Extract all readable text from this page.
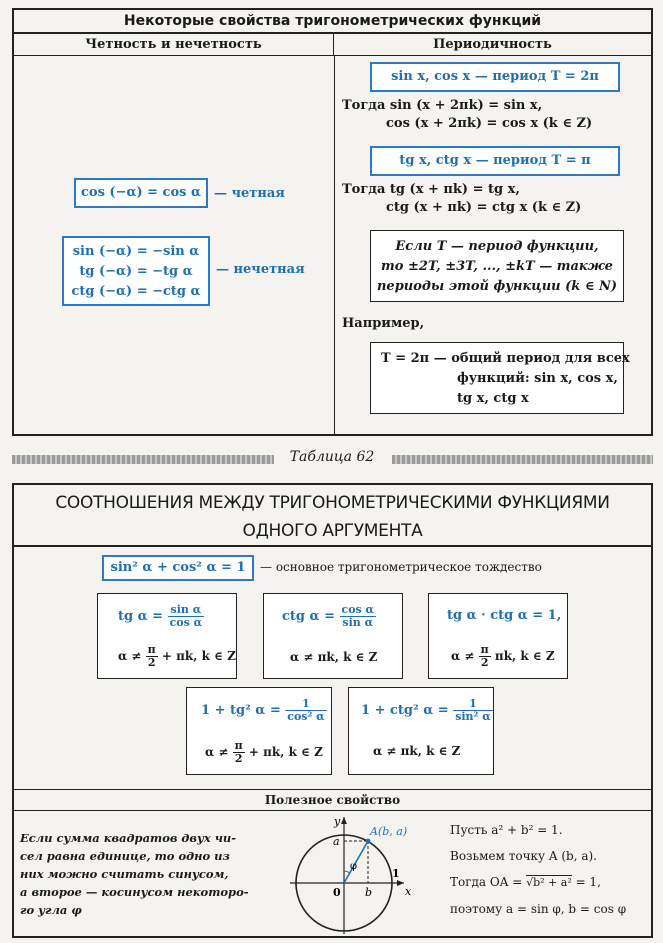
Некоторые свойства тригонометрических функций
Четность и нечетность	Периодичность
cos (−α) = cos α	— четная
sin (−α) = −sin α
tg (−α) = −tg α
ctg (−α) = −ctg α
— нечетная
sin x, cos x — период T = 2π
Тогда sin (x + 2πk) = sin x,
cos (x + 2πk) = cos x (k ∈ Z)
tg x, ctg x — период T = π
Тогда tg (x + πk) = tg x,
ctg (x + πk) = ctg x (k ∈ Z)
Если T — период функции,
то ±2T, ±3T, ..., ±kT — также
периоды этой функции (k ∈ N)
Например,
T = 2π — общий период для всех
функций: sin x, cos x,
tg x, ctg x
Таблица 62
СООТНОШЕНИЯ МЕЖДУ ТРИГОНОМЕТРИЧЕСКИМИ ФУНКЦИЯМИ
ОДНОГО АРГУМЕНТА
sin² α + cos² α = 1	— основное тригонометрическое тождество
tg $\alpha = \frac{\text{sin α}}{\text{cos α}}$
$\alpha \ne \frac{\pi}{2} + \pi k$, k ∈ Z
ctg $\alpha = \frac{\text{cos α}}{\text{sin α}}$
α ≠ πk, k ∈ Z
tg α · ctg α = 1,
$\alpha \ne \frac{\pi}{2} \pi k$, k ∈ Z
1 + tg² $\alpha = \frac{1}{\text{cos² α}}$
$\alpha \ne \frac{\pi}{2} + \pi k$, k ∈ Z
1 + ctg² $\alpha = \frac{1}{\text{sin² α}}$
α ≠ πk, k ∈ Z
Полезное свойство
Если сумма квадратов двух чи-
сел равна единице, то одно из
них можно считать синусом,
а второе — косинусом некоторо-
го угла φ
y
x
A(b, a)
a
b
φ
0
1
Пусть a² + b² = 1.
Возьмем точку A (b, a).
Тогда OA = √b² + a² = 1,
поэтому a = sin φ, b = cos φ
